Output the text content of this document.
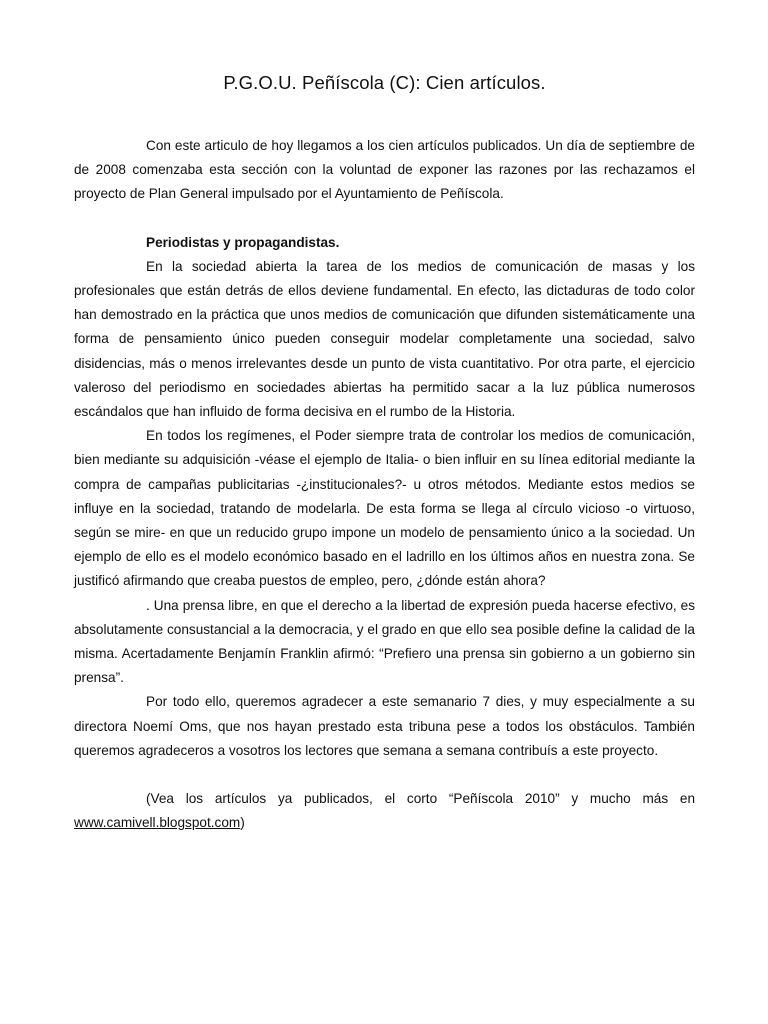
P.G.O.U. Peñíscola (C): Cien artículos.

Con este articulo de hoy llegamos a los cien artículos publicados. Un día de septiembre de de 2008 comenzaba esta sección con la voluntad de exponer las razones por las rechazamos el proyecto de Plan General impulsado por el Ayuntamiento de Peñíscola.

Periodistas y propagandistas.

En la sociedad abierta la tarea de los medios de comunicación de masas y los profesionales que están detrás de ellos deviene fundamental. En efecto, las dictaduras de todo color han demostrado en la práctica que unos medios de comunicación que difunden sistemáticamente una forma de pensamiento único pueden conseguir modelar completamente una sociedad, salvo disidencias, más o menos irrelevantes desde un punto de vista cuantitativo. Por otra parte, el ejercicio valeroso del periodismo en sociedades abiertas ha permitido sacar a la luz pública numerosos escándalos que han influido de forma decisiva en el rumbo de la Historia.

En todos los regímenes, el Poder siempre trata de controlar los medios de comunicación, bien mediante su adquisición -véase el ejemplo de Italia- o bien influir en su línea editorial mediante la compra de campañas publicitarias -¿institucionales?- u otros métodos. Mediante estos medios se influye en la sociedad, tratando de modelarla. De esta forma se llega al círculo vicioso -o virtuoso, según se mire- en que un reducido grupo impone un modelo de pensamiento único a la sociedad. Un ejemplo de ello es el modelo económico basado en el ladrillo en los últimos años en nuestra zona. Se justificó afirmando que creaba puestos de empleo, pero, ¿dónde están ahora?

. Una prensa libre, en que el derecho a la libertad de expresión pueda hacerse efectivo, es absolutamente consustancial a la democracia, y el grado en que ello sea posible define la calidad de la misma. Acertadamente Benjamín Franklin afirmó: “Prefiero una prensa sin gobierno a un gobierno sin prensa”.

Por todo ello, queremos agradecer a este semanario 7 dies, y muy especialmente a su directora Noemí Oms, que nos hayan prestado esta tribuna pese a todos los obstáculos. También queremos agradeceros a vosotros los lectores que semana a semana contribuís a este proyecto.

(Vea los artículos ya publicados, el corto “Peñíscola 2010” y mucho más en www.camivell.blogspot.com)
